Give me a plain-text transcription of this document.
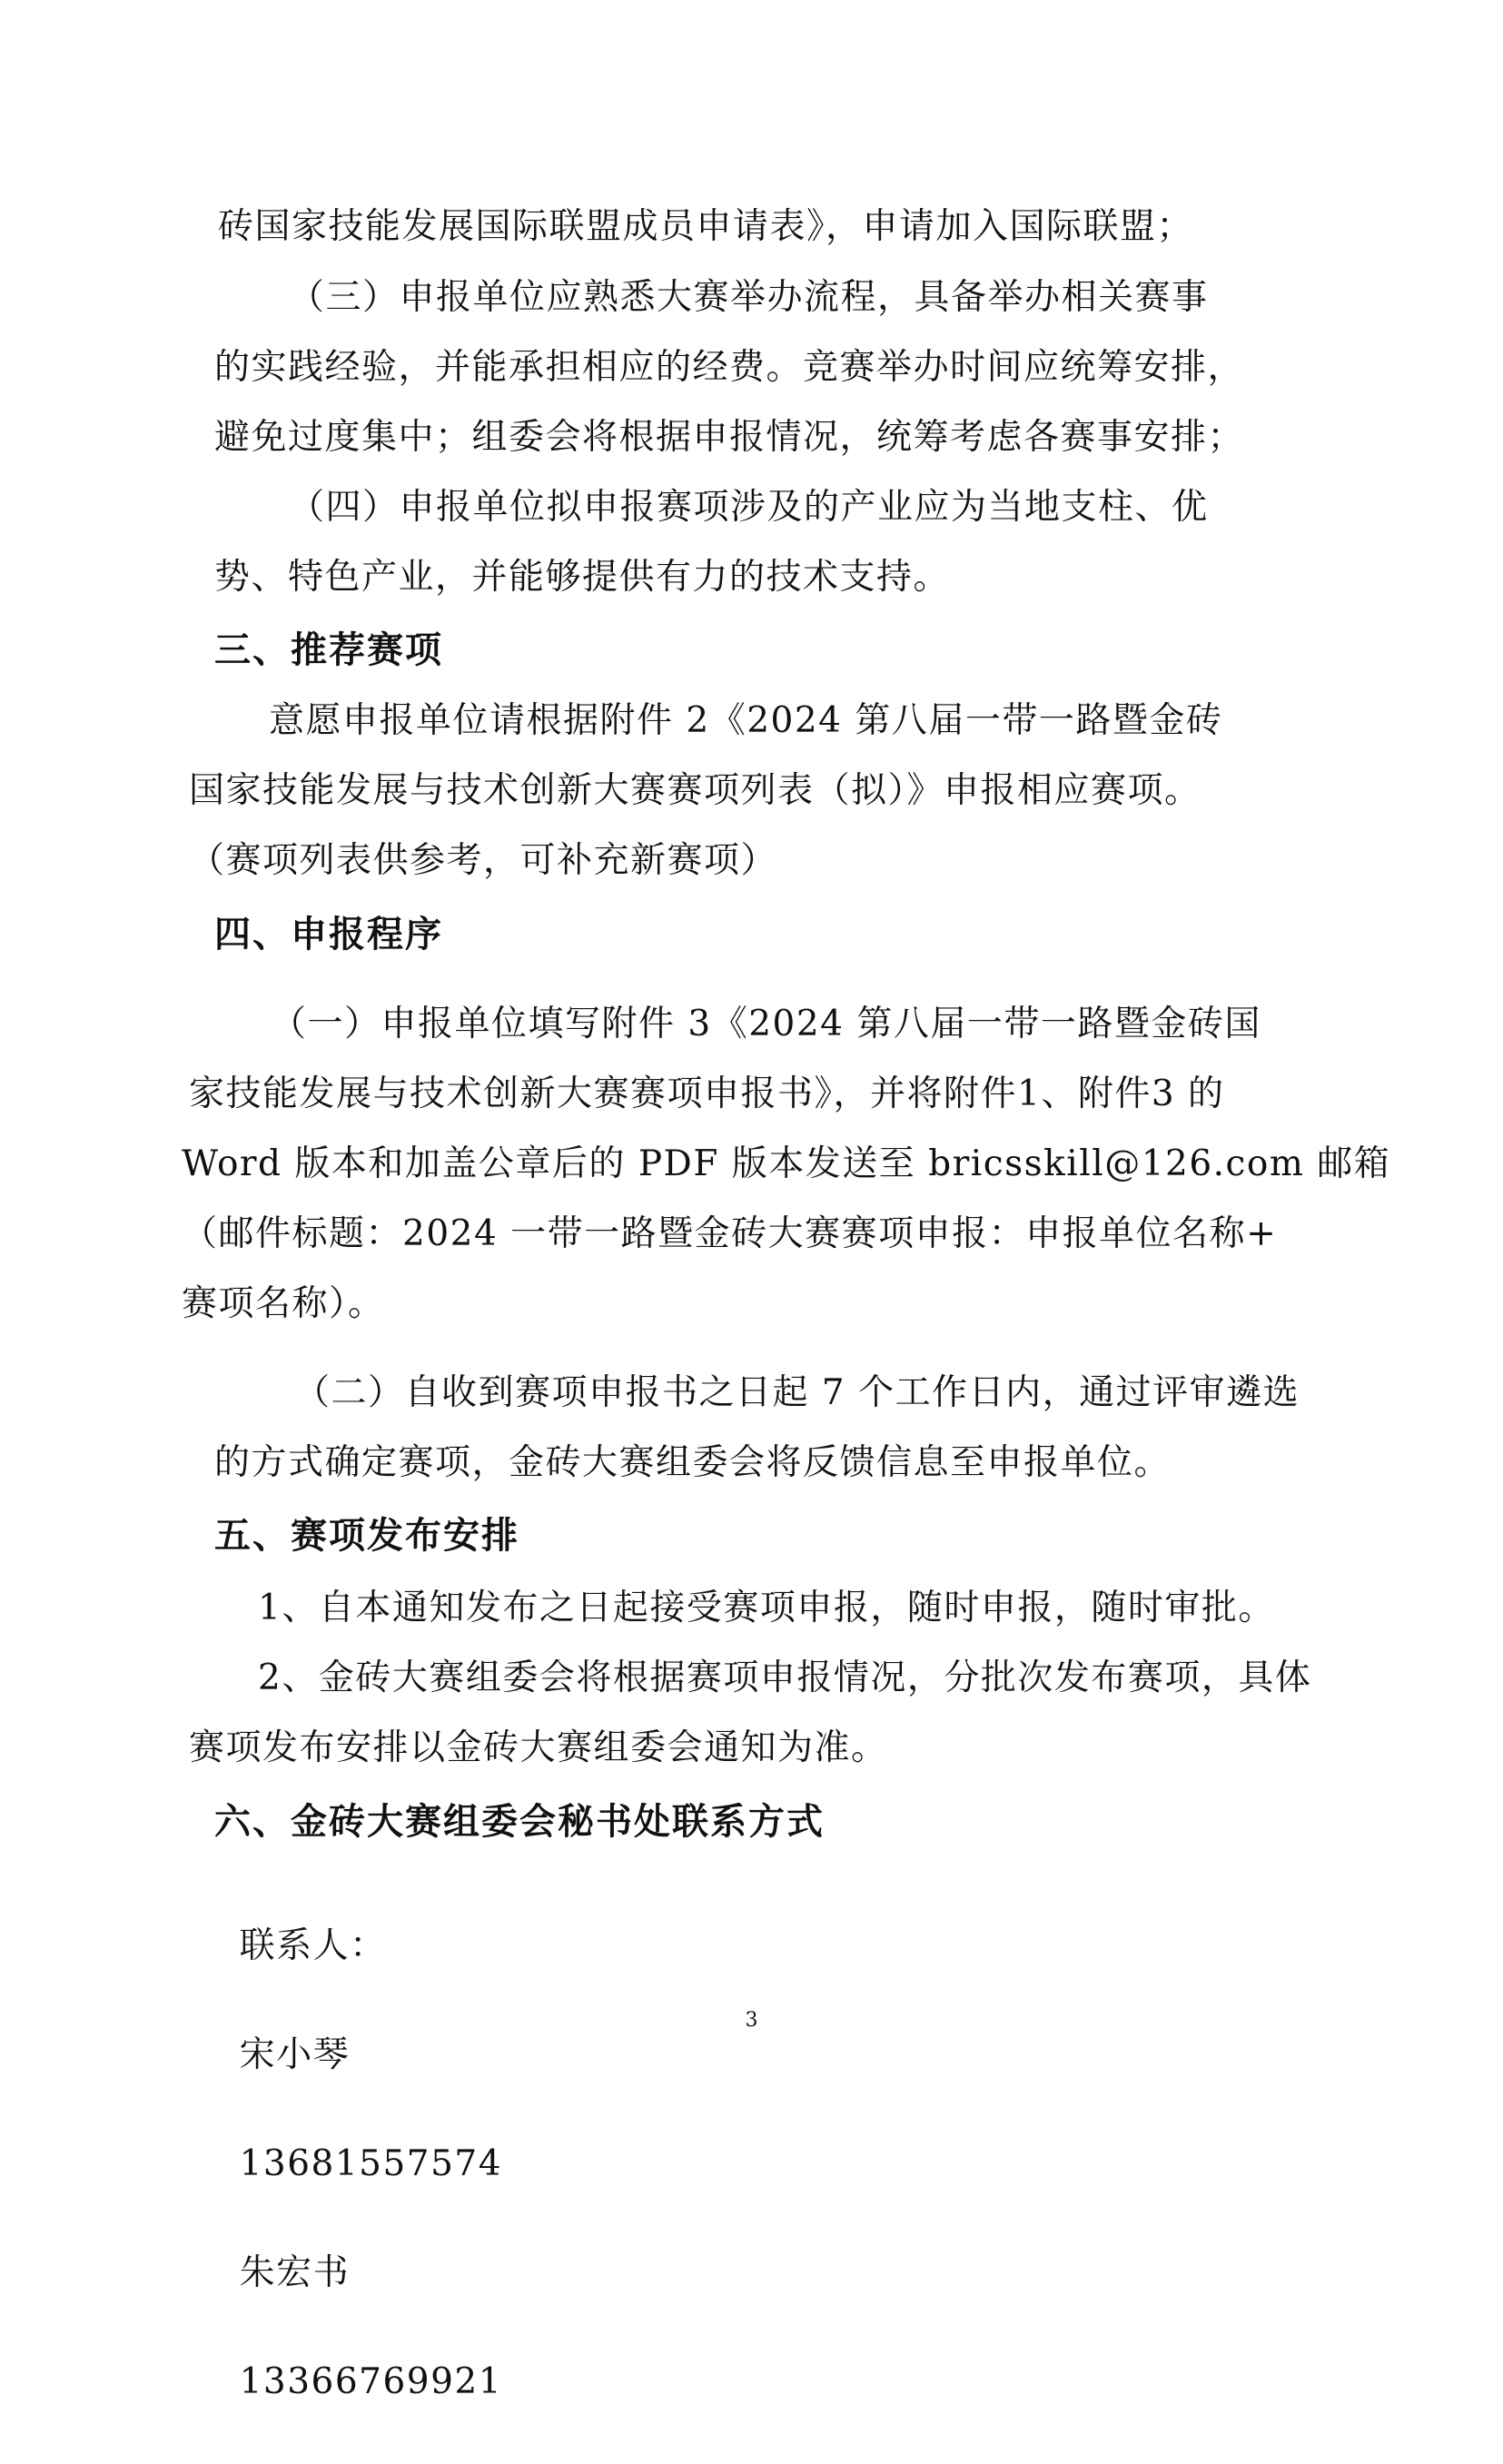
砖国家技能发展国际联盟成员申请表》，申请加入国际联盟；
（三）申报单位应熟悉大赛举办流程，具备举办相关赛事
的实践经验，并能承担相应的经费。竞赛举办时间应统筹安排，
避免过度集中；组委会将根据申报情况，统筹考虑各赛事安排；
（四）申报单位拟申报赛项涉及的产业应为当地支柱、优
势、特色产业，并能够提供有力的技术支持。
三、推荐赛项
意愿申报单位请根据附件 2《2024 第八届一带一路暨金砖
国家技能发展与技术创新大赛赛项列表（拟）》申报相应赛项。
（赛项列表供参考，可补充新赛项）
四、申报程序
（一）申报单位填写附件 3《2024 第八届一带一路暨金砖国
家技能发展与技术创新大赛赛项申报书》，并将附件1、附件3 的
Word 版本和加盖公章后的 PDF 版本发送至 bricsskill@126.com 邮箱
（邮件标题：2024 一带一路暨金砖大赛赛项申报：申报单位名称+
赛项名称）。
（二）自收到赛项申报书之日起 7 个工作日内，通过评审遴选
的方式确定赛项，金砖大赛组委会将反馈信息至申报单位。
五、赛项发布安排
1、自本通知发布之日起接受赛项申报，随时申报，随时审批。
2、金砖大赛组委会将根据赛项申报情况，分批次发布赛项，具体
赛项发布安排以金砖大赛组委会通知为准。
六、金砖大赛组委会秘书处联系方式

联系人：

宋小琴

13681557574

朱宏书

13366769921

3
